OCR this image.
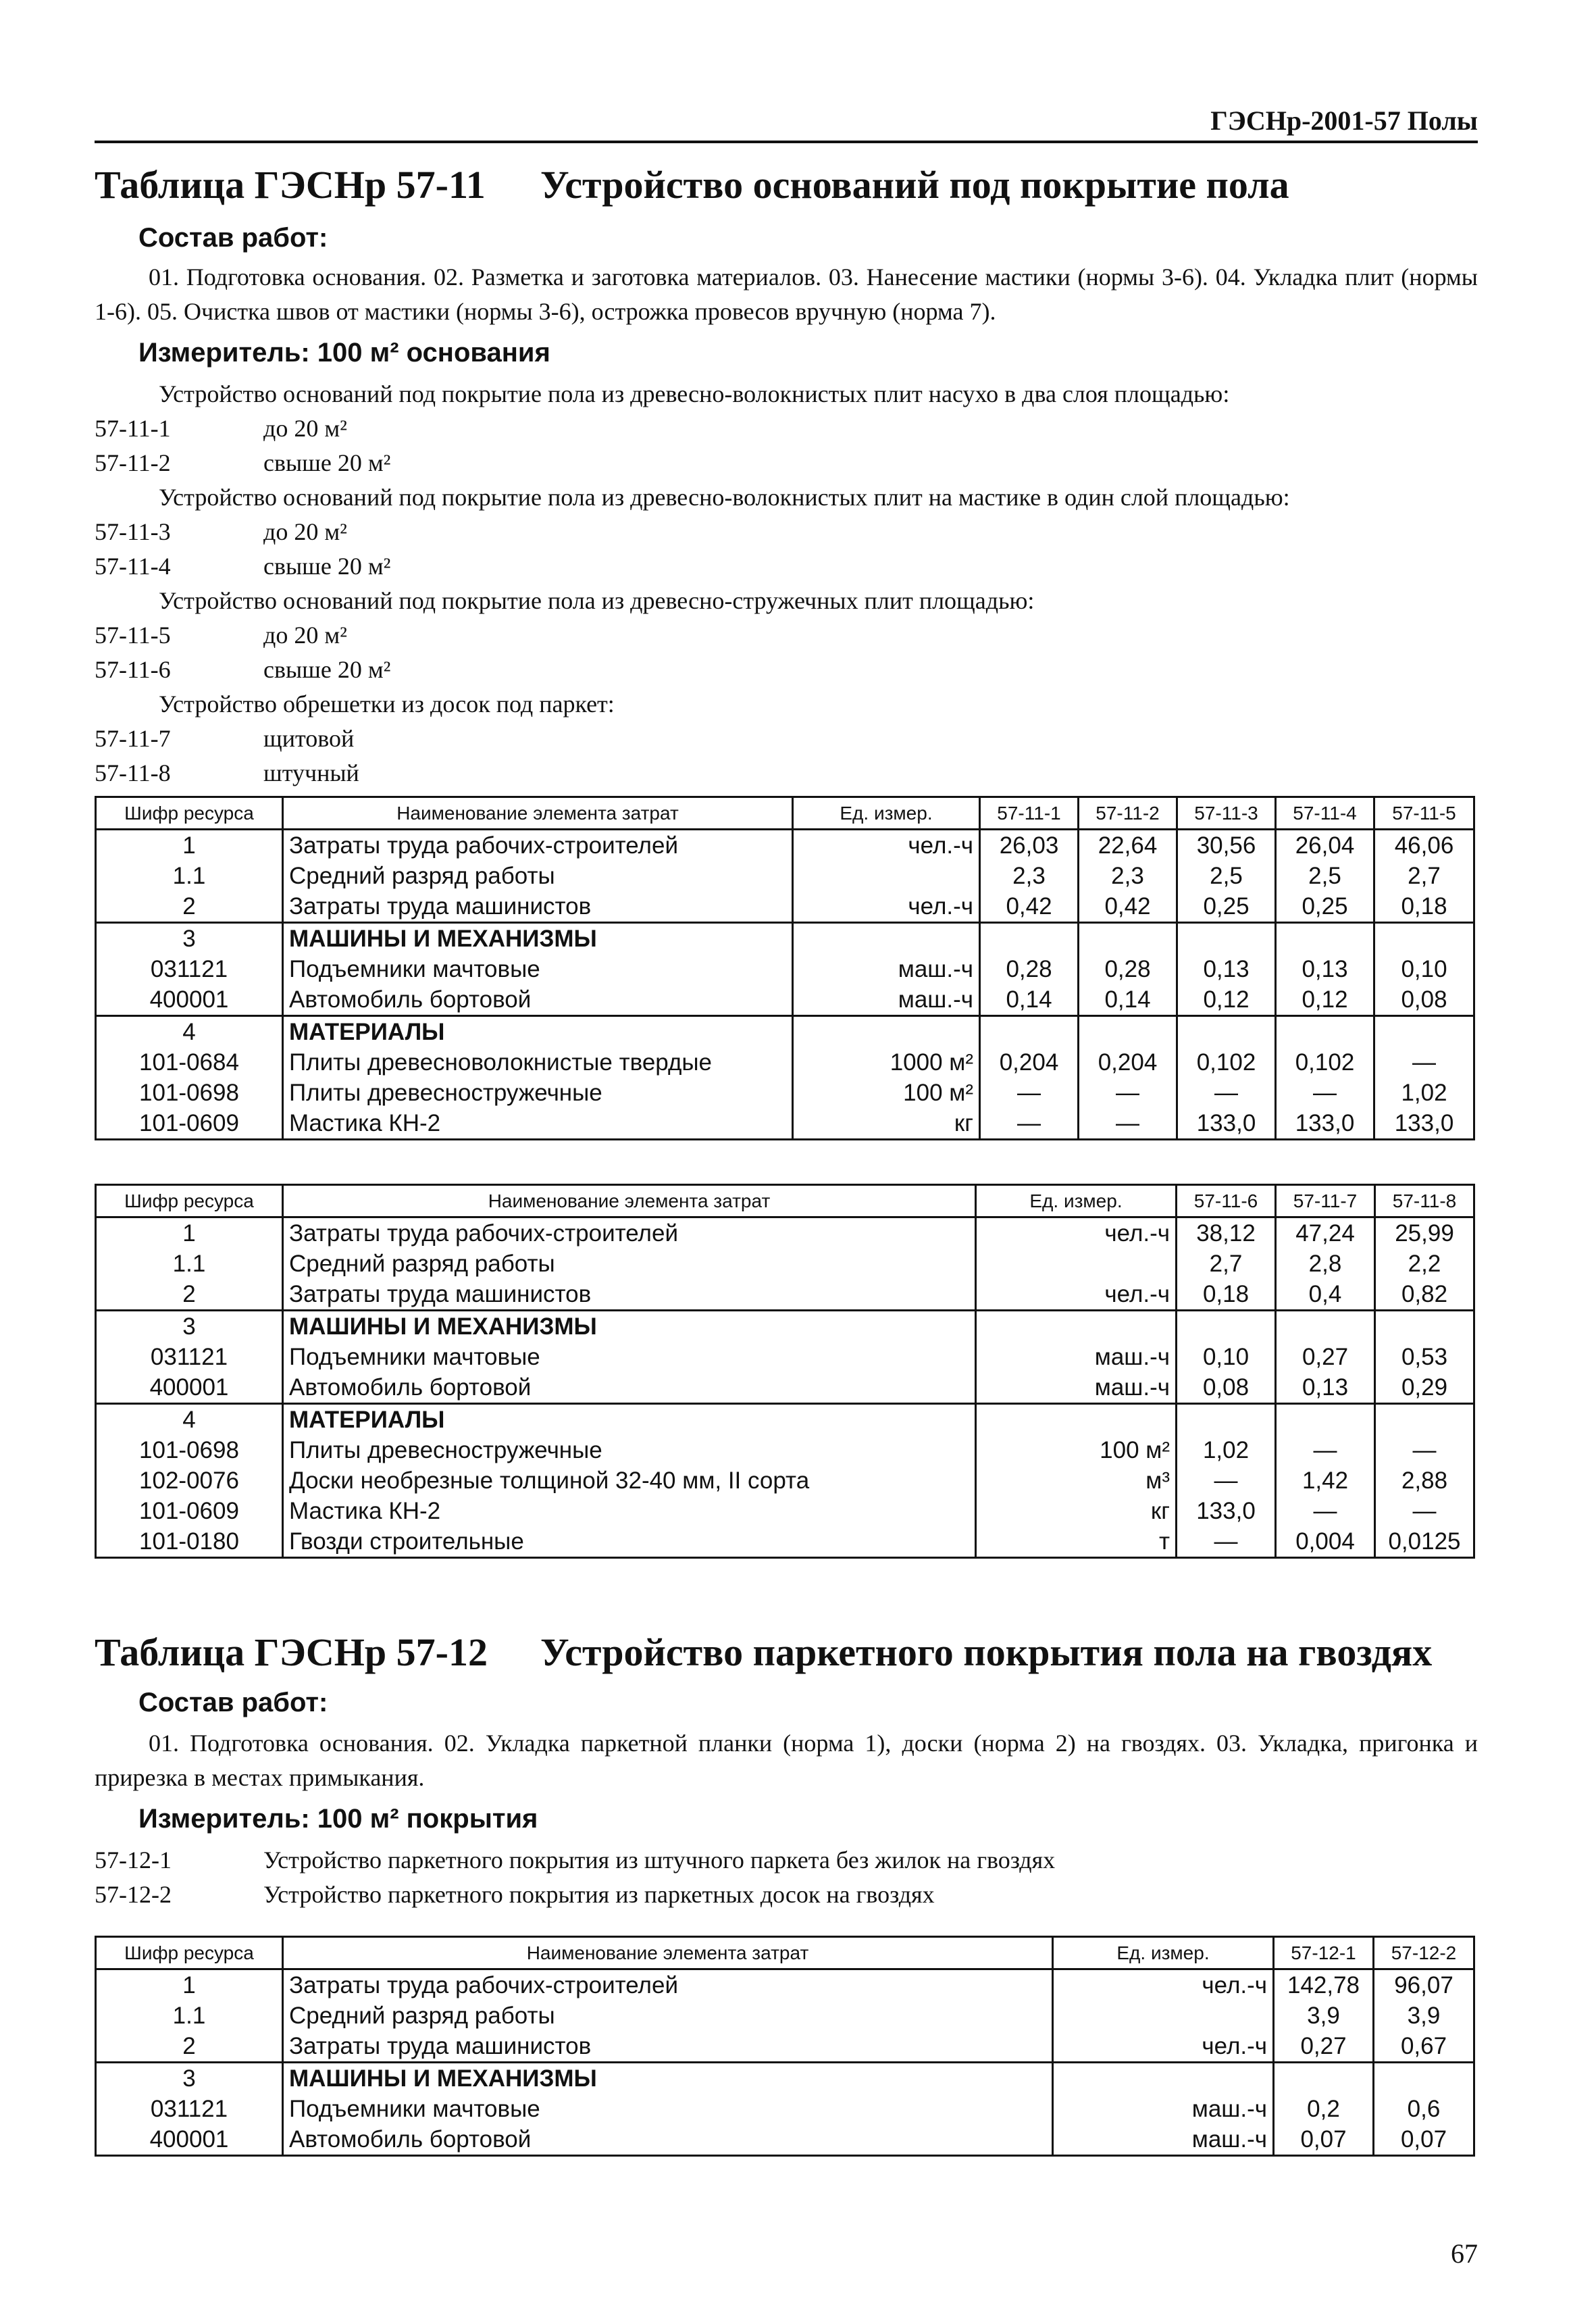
ГЭСНр-2001-57 Полы
Таблица ГЭСНр 57-11 Устройство оснований под покрытие пола
Состав работ:
01. Подготовка основания. 02. Разметка и заготовка материалов. 03. Нанесение мастики (нормы 3-6). 04. Укладка плит (нормы 1-6). 05. Очистка швов от мастики (нормы 3-6), острожка провесов вручную (норма 7).
Измеритель: 100 м² основания
Устройство оснований под покрытие пола из древесно-волокнистых плит насухо в два слоя площадью:
57-11-1	до 20 м²
57-11-2	свыше 20 м²
Устройство оснований под покрытие пола из древесно-волокнистых плит на мастике в один слой площадью:
57-11-3	до 20 м²
57-11-4	свыше 20 м²
Устройство оснований под покрытие пола из древесно-стружечных плит площадью:
57-11-5	до 20 м²
57-11-6	свыше 20 м²
Устройство обрешетки из досок под паркет:
57-11-7	щитовой
57-11-8	штучный
Шифр ресурса	Наименование элемента затрат	Ед. измер.	57-11-1	57-11-2	57-11-3	57-11-4	57-11-5
1	Затраты труда рабочих-строителей	чел.-ч	26,03	22,64	30,56	26,04	46,06
1.1	Средний разряд работы		2,3	2,3	2,5	2,5	2,7
2	Затраты труда машинистов	чел.-ч	0,42	0,42	0,25	0,25	0,18
3	МАШИНЫ И МЕХАНИЗМЫ						
031121	Подъемники мачтовые	маш.-ч	0,28	0,28	0,13	0,13	0,10
400001	Автомобиль бортовой	маш.-ч	0,14	0,14	0,12	0,12	0,08
4	МАТЕРИАЛЫ						
101-0684	Плиты древесноволокнистые твердые	1000 м²	0,204	0,204	0,102	0,102	—
101-0698	Плиты древесностружечные	100 м²	—	—	—	—	1,02
101-0609	Мастика КН-2	кг	—	—	133,0	133,0	133,0
Шифр ресурса	Наименование элемента затрат	Ед. измер.	57-11-6	57-11-7	57-11-8
1	Затраты труда рабочих-строителей	чел.-ч	38,12	47,24	25,99
1.1	Средний разряд работы		2,7	2,8	2,2
2	Затраты труда машинистов	чел.-ч	0,18	0,4	0,82
3	МАШИНЫ И МЕХАНИЗМЫ				
031121	Подъемники мачтовые	маш.-ч	0,10	0,27	0,53
400001	Автомобиль бортовой	маш.-ч	0,08	0,13	0,29
4	МАТЕРИАЛЫ				
101-0698	Плиты древесностружечные	100 м²	1,02	—	—
102-0076	Доски необрезные толщиной 32-40 мм, II сорта	м³	—	1,42	2,88
101-0609	Мастика КН-2	кг	133,0	—	—
101-0180	Гвозди строительные	т	—	0,004	0,0125
Таблица ГЭСНр 57-12 Устройство паркетного покрытия пола на гвоздях
Состав работ:
01. Подготовка основания. 02. Укладка паркетной планки (норма 1), доски (норма 2) на гвоздях. 03. Укладка, пригонка и прирезка в местах примыкания.
Измеритель: 100 м² покрытия
57-12-1	Устройство паркетного покрытия из штучного паркета без жилок на гвоздях
57-12-2	Устройство паркетного покрытия из паркетных досок на гвоздях
Шифр ресурса	Наименование элемента затрат	Ед. измер.	57-12-1	57-12-2
1	Затраты труда рабочих-строителей	чел.-ч	142,78	96,07
1.1	Средний разряд работы		3,9	3,9
2	Затраты труда машинистов	чел.-ч	0,27	0,67
3	МАШИНЫ И МЕХАНИЗМЫ			
031121	Подъемники мачтовые	маш.-ч	0,2	0,6
400001	Автомобиль бортовой	маш.-ч	0,07	0,07
67
